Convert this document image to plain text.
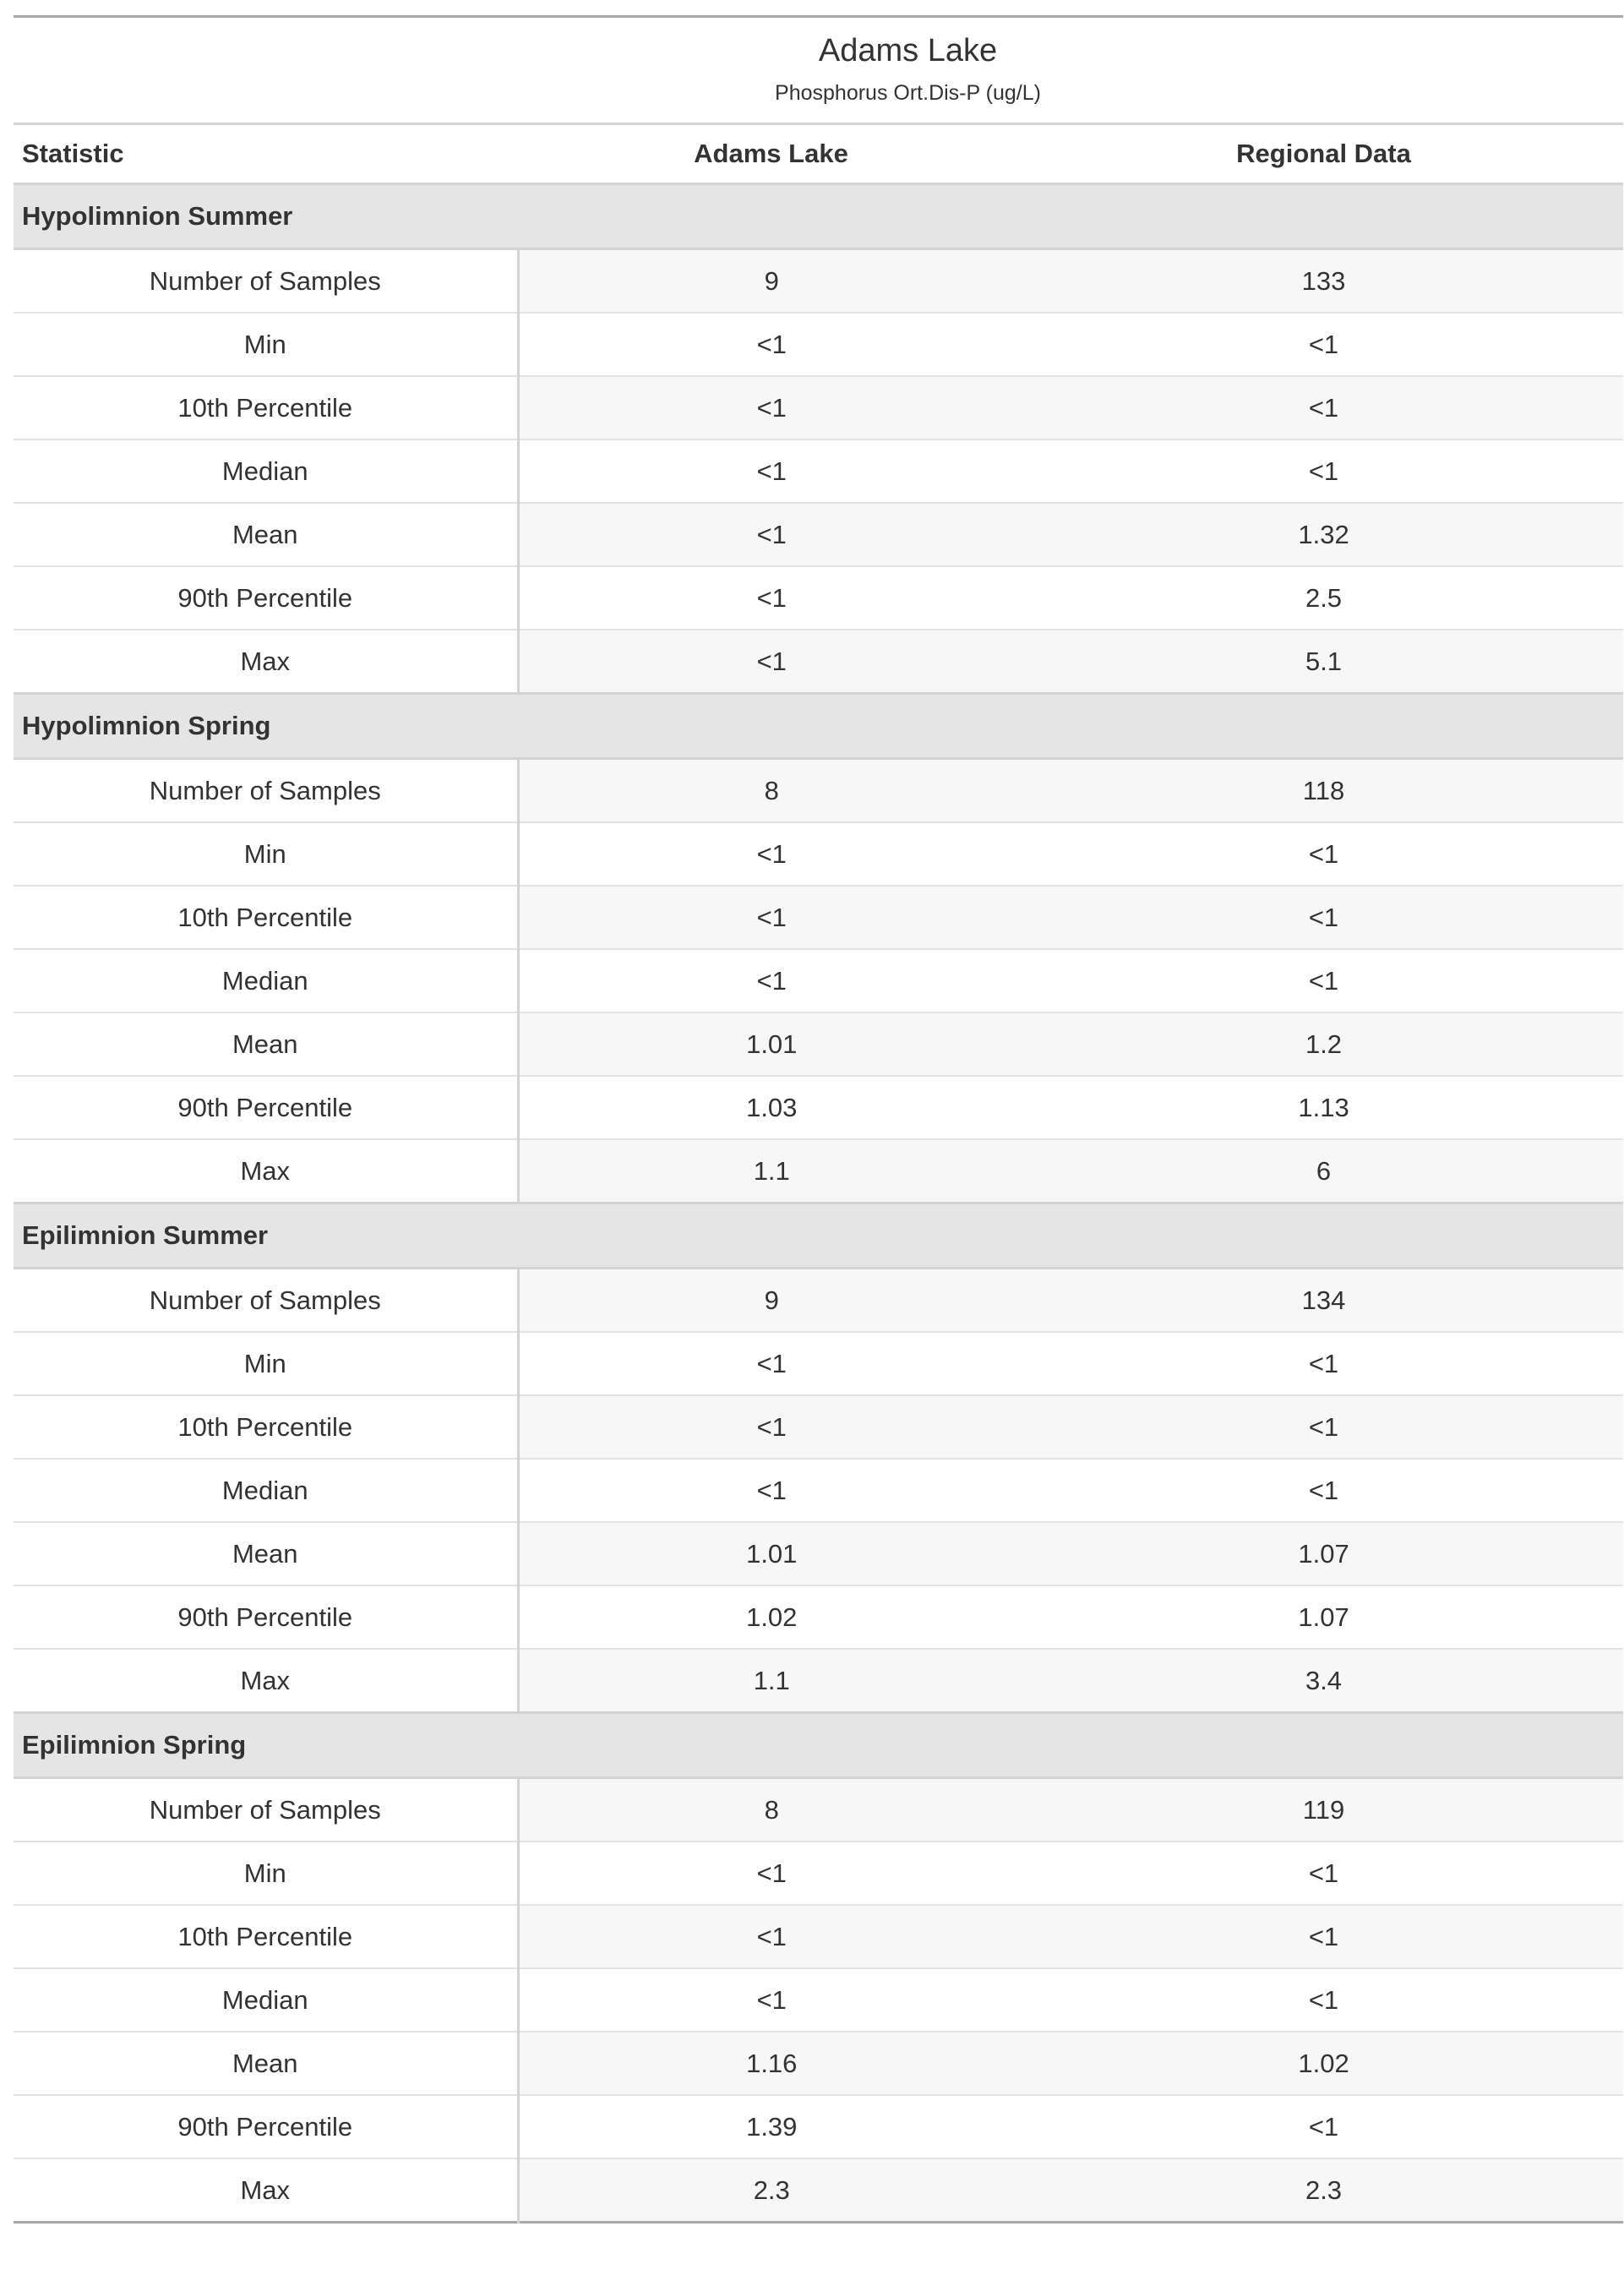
Adams Lake
Phosphorus Ort.Dis-P (ug/L)		

Statistic	Adams Lake	Regional Data
Hypolimnion Summer		
Number of Samples	9	133
Min	<1	<1
10th Percentile	<1	<1
Median	<1	<1
Mean	<1	1.32
90th Percentile	<1	2.5
Max	<1	5.1
Hypolimnion Spring		
Number of Samples	8	118
Min	<1	<1
10th Percentile	<1	<1
Median	<1	<1
Mean	1.01	1.2
90th Percentile	1.03	1.13
Max	1.1	6
Epilimnion Summer		
Number of Samples	9	134
Min	<1	<1
10th Percentile	<1	<1
Median	<1	<1
Mean	1.01	1.07
90th Percentile	1.02	1.07
Max	1.1	3.4
Epilimnion Spring		
Number of Samples	8	119
Min	<1	<1
10th Percentile	<1	<1
Median	<1	<1
Mean	1.16	1.02
90th Percentile	1.39	<1
Max	2.3	2.3
